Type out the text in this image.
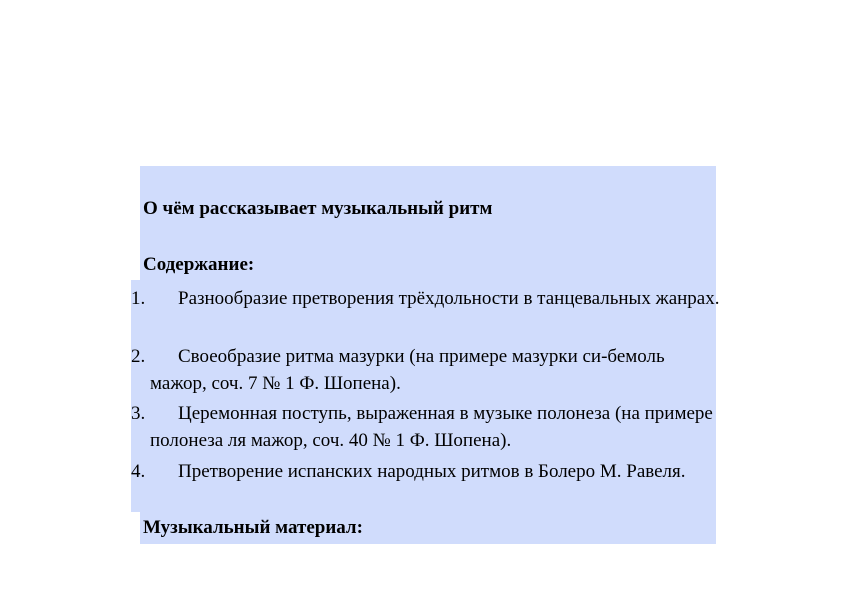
О чём рассказывает музыкальный ритм
Содержание:
1.	Разнообразие претворения трёхдольности в танцевальных жанрах.
2.	Своеобразие ритма мазурки (на примере мазурки си-бемоль мажор, соч. 7 № 1 Ф. Шопена).
3.	Церемонная поступь, выраженная в музыке полонеза (на примере полонеза ля мажор, соч. 40 № 1 Ф. Шопена).
4.	Претворение испанских народных ритмов в Болеро М. Равеля.
Музыкальный материал:
